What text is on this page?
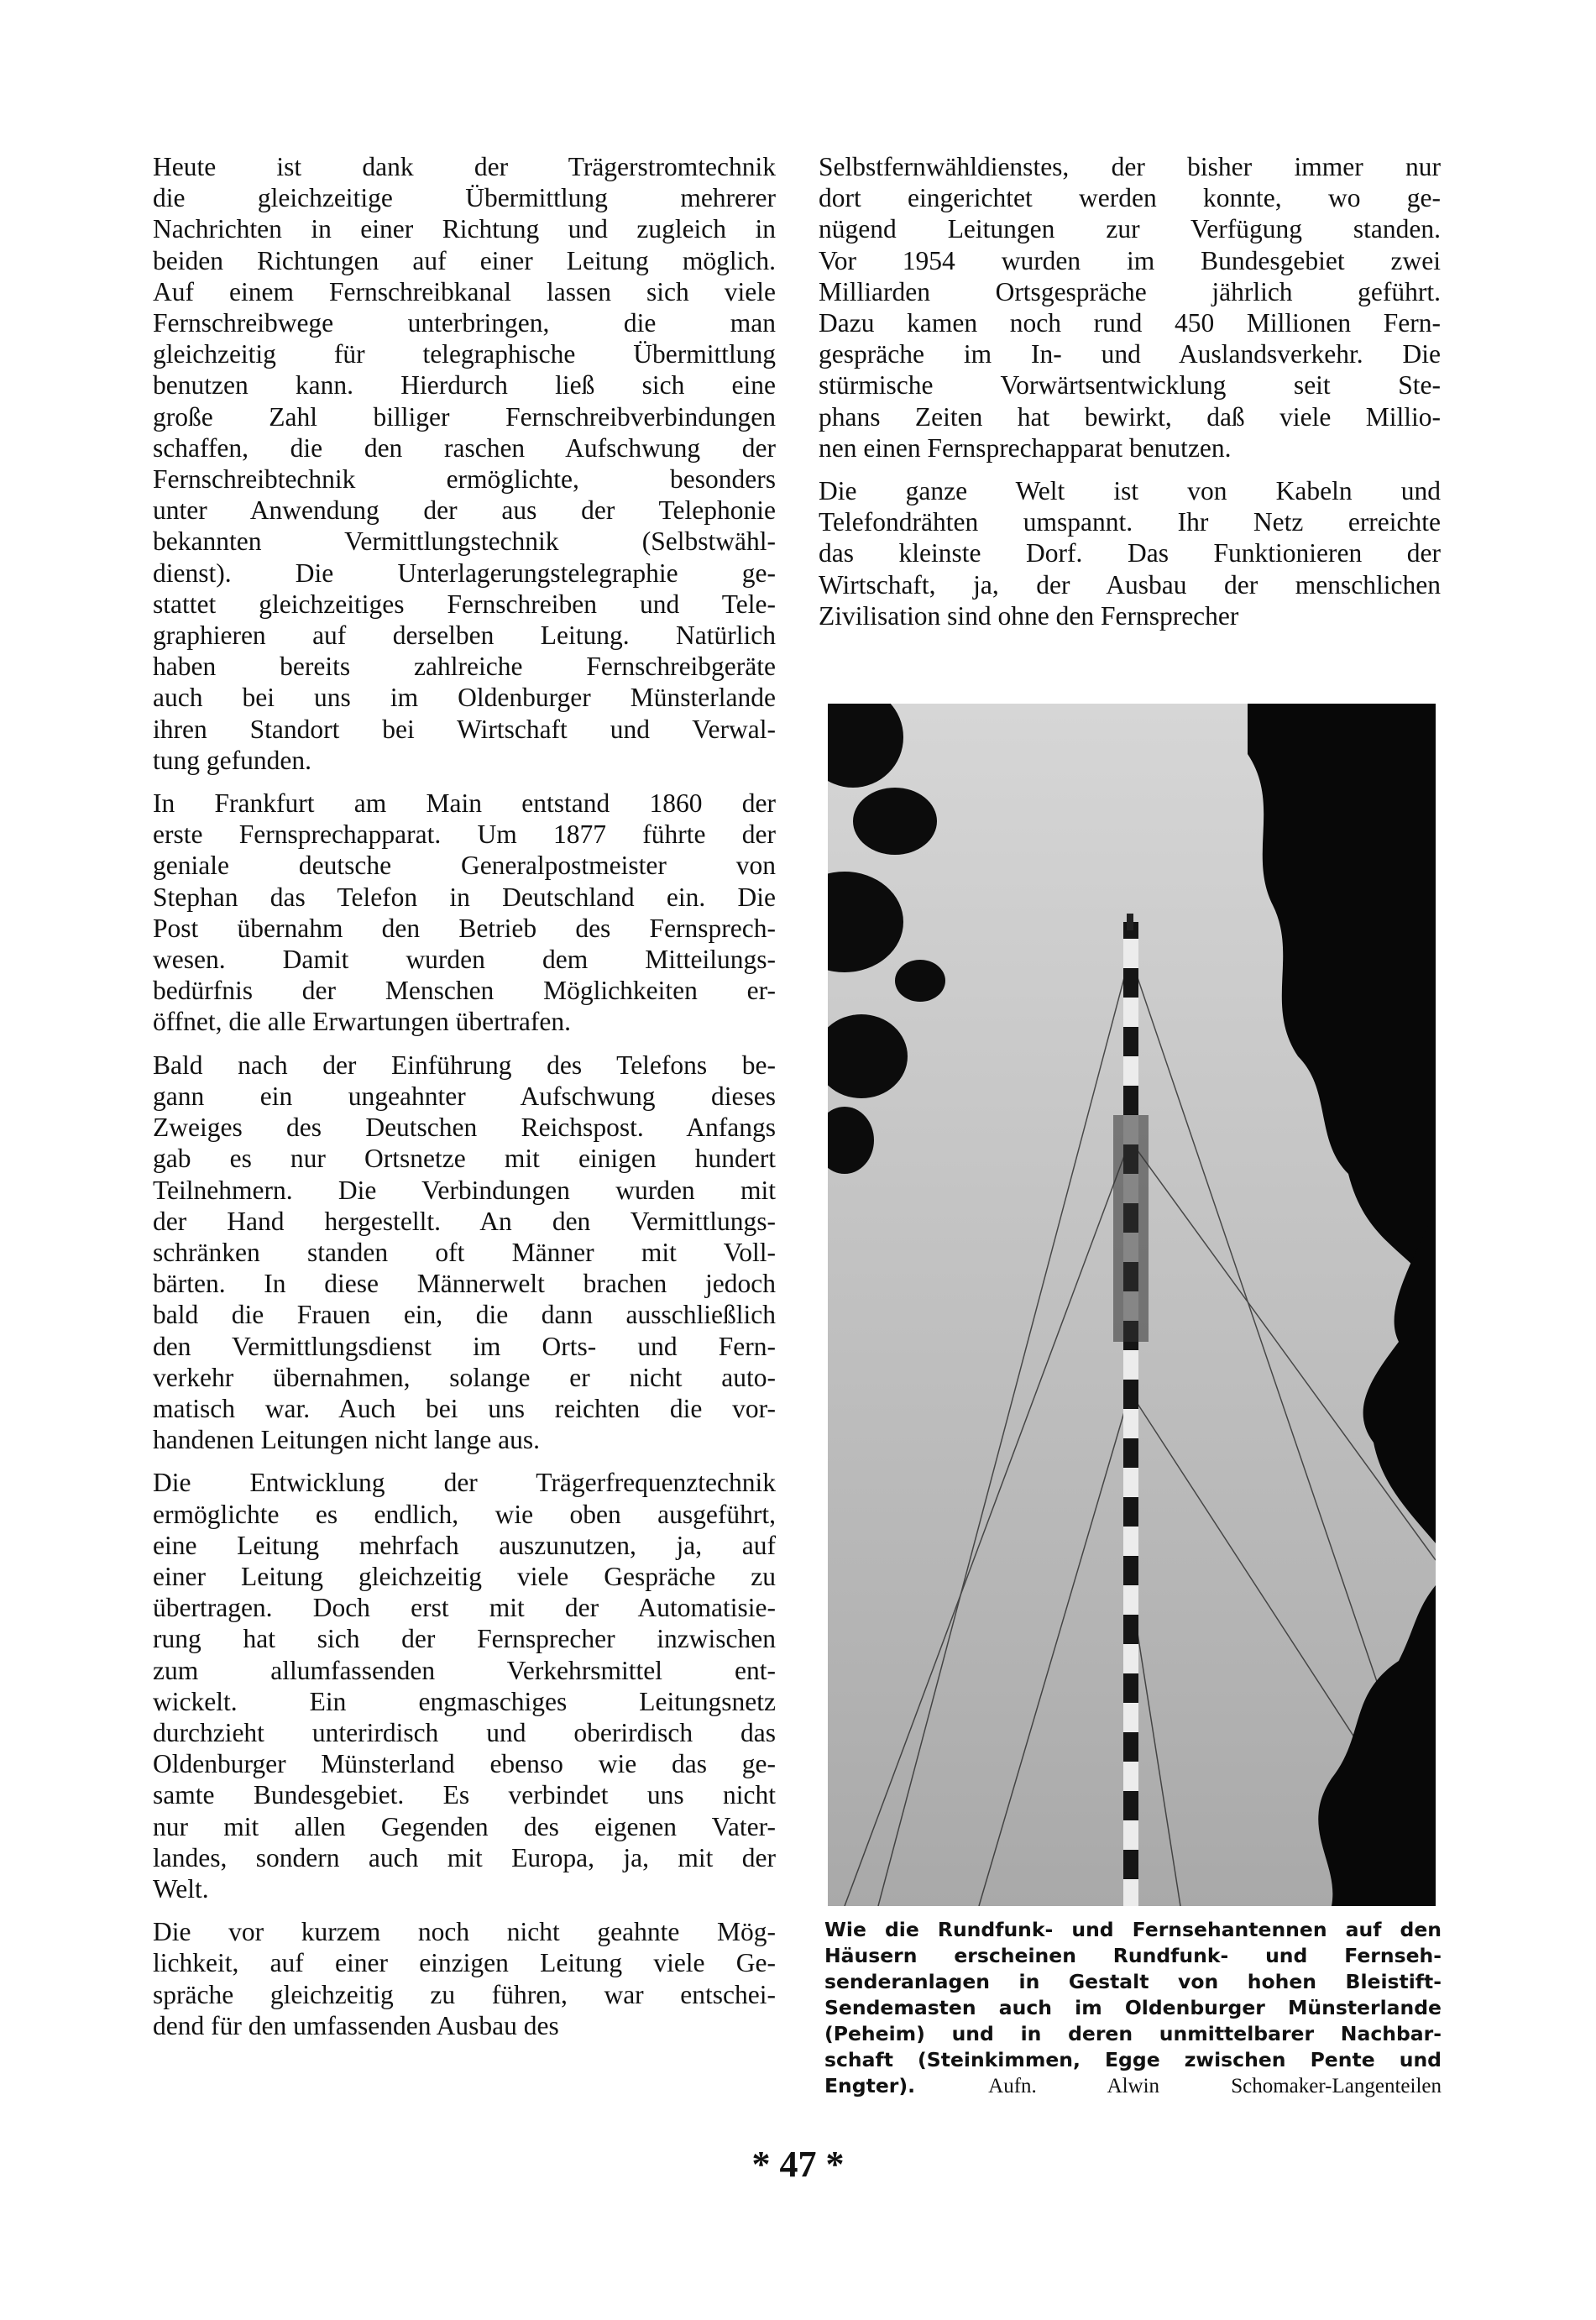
Heute ist dank der Trägerstromtechnik
die gleichzeitige Übermittlung mehrerer
Nachrichten in einer Richtung und zugleich in
beiden Richtungen auf einer Leitung möglich.
Auf einem Fernschreibkanal lassen sich viele
Fernschreibwege unterbringen, die man
gleichzeitig für telegraphische Übermittlung
benutzen kann. Hierdurch ließ sich eine
große Zahl billiger Fernschreibverbindungen
schaffen, die den raschen Aufschwung der
Fernschreibtechnik ermöglichte, besonders
unter Anwendung der aus der Telephonie
bekannten Vermittlungstechnik (Selbstwähl-
dienst). Die Unterlagerungstelegraphie ge-
stattet gleichzeitiges Fernschreiben und Tele-
graphieren auf derselben Leitung. Natürlich
haben bereits zahlreiche Fernschreibgeräte
auch bei uns im Oldenburger Münsterlande
ihren Standort bei Wirtschaft und Verwal-
tung gefunden.

In Frankfurt am Main entstand 1860 der
erste Fernsprechapparat. Um 1877 führte der
geniale deutsche Generalpostmeister von
Stephan das Telefon in Deutschland ein. Die
Post übernahm den Betrieb des Fernsprech-
wesen. Damit wurden dem Mitteilungs-
bedürfnis der Menschen Möglichkeiten er-
öffnet, die alle Erwartungen übertrafen.

Bald nach der Einführung des Telefons be-
gann ein ungeahnter Aufschwung dieses
Zweiges des Deutschen Reichspost. Anfangs
gab es nur Ortsnetze mit einigen hundert
Teilnehmern. Die Verbindungen wurden mit
der Hand hergestellt. An den Vermittlungs-
schränken standen oft Männer mit Voll-
bärten. In diese Männerwelt brachen jedoch
bald die Frauen ein, die dann ausschließlich
den Vermittlungsdienst im Orts- und Fern-
verkehr übernahmen, solange er nicht auto-
matisch war. Auch bei uns reichten die vor-
handenen Leitungen nicht lange aus.

Die Entwicklung der Trägerfrequenztechnik
ermöglichte es endlich, wie oben ausgeführt,
eine Leitung mehrfach auszunutzen, ja, auf
einer Leitung gleichzeitig viele Gespräche zu
übertragen. Doch erst mit der Automatisie-
rung hat sich der Fernsprecher inzwischen
zum allumfassenden Verkehrsmittel ent-
wickelt. Ein engmaschiges Leitungsnetz
durchzieht unterirdisch und oberirdisch das
Oldenburger Münsterland ebenso wie das ge-
samte Bundesgebiet. Es verbindet uns nicht
nur mit allen Gegenden des eigenen Vater-
landes, sondern auch mit Europa, ja, mit der
Welt.

Die vor kurzem noch nicht geahnte Mög-
lichkeit, auf einer einzigen Leitung viele Ge-
spräche gleichzeitig zu führen, war entschei-
dend für den umfassenden Ausbau des

Selbstfernwähldienstes, der bisher immer nur
dort eingerichtet werden konnte, wo ge-
nügend Leitungen zur Verfügung standen.
Vor 1954 wurden im Bundesgebiet zwei
Milliarden Ortsgespräche jährlich geführt.
Dazu kamen noch rund 450 Millionen Fern-
gespräche im In- und Auslandsverkehr. Die
stürmische Vorwärtsentwicklung seit Ste-
phans Zeiten hat bewirkt, daß viele Millio-
nen einen Fernsprechapparat benutzen.

Die ganze Welt ist von Kabeln und
Telefondrähten umspannt. Ihr Netz erreichte
das kleinste Dorf. Das Funktionieren der
Wirtschaft, ja, der Ausbau der menschlichen
Zivilisation sind ohne den Fernsprecher

Wie die Rundfunk- und Fernsehantennen auf den
Häusern erscheinen Rundfunk- und Fernseh-
senderanlagen in Gestalt von hohen Bleistift-
Sendemasten auch im Oldenburger Münsterlande
(Peheim) und in deren unmittelbarer Nachbar-
schaft (Steinkimmen, Egge zwischen Pente und
Engter). Aufn. Alwin Schomaker-Langenteilen
* 47 *
